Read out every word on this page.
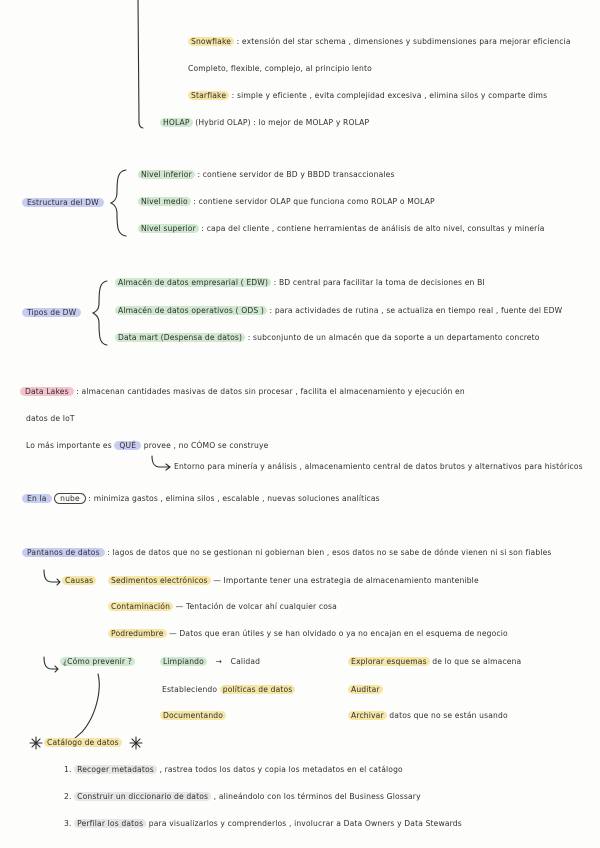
Snowflake : extensión del star schema , dimensiones y subdimensiones para mejorar eficiencia
Completo, flexible, complejo, al principio lento
Starflake : simple y eficiente , evita complejidad excesiva , elimina silos y comparte dims
HOLAP (Hybrid OLAP) : lo mejor de MOLAP y ROLAP
Estructura del DW
Nivel inferior : contiene servidor de BD y BBDD transaccionales
Nivel medio : contiene servidor OLAP que funciona como ROLAP o MOLAP
Nivel superior : capa del cliente , contiene herramientas de análisis de alto nivel, consultas y minería
Tipos de DW
Almacén de datos empresarial ( EDW) : BD central para facilitar la toma de decisiones en BI
Almacén de datos operativos ( ODS ) : para actividades de rutina , se actualiza en tiempo real , fuente del EDW
Data mart (Despensa de datos) : subconjunto de un almacén que da soporte a un departamento concreto
Data Lakes : almacenan cantidades masivas de datos sin procesar , facilita el almacenamiento y ejecución en
datos de IoT
Lo más importante es QUÉ provee , no CÓMO se construye
Entorno para minería y análisis , almacenamiento central de datos brutos y alternativos para históricos
En la nube : minimiza gastos , elimina silos , escalable , nuevas soluciones analíticas
Pantanos de datos : lagos de datos que no se gestionan ni gobiernan bien , esos datos no se sabe de dónde vienen ni si son fiables
Causas	Sedimentos electrónicos — Importante tener una estrategia de almacenamiento mantenible
Contaminación — Tentación de volcar ahí cualquier cosa
Podredumbre — Datos que eran útiles y se han olvidado o ya no encajan en el esquema de negocio
¿Cómo prevenir ?	Limpiando → Calidad
Estableciendo políticas de datos
Documentando
Explorar esquemas de lo que se almacena
Auditar
Archivar datos que no se están usando
Catálogo de datos
1. Recoger metadatos , rastrea todos los datos y copia los metadatos en el catálogo
2. Construir un diccionario de datos , alineándolo con los términos del Business Glossary
3. Perfilar los datos para visualizarlos y comprenderlos , involucrar a Data Owners y Data Stewards
